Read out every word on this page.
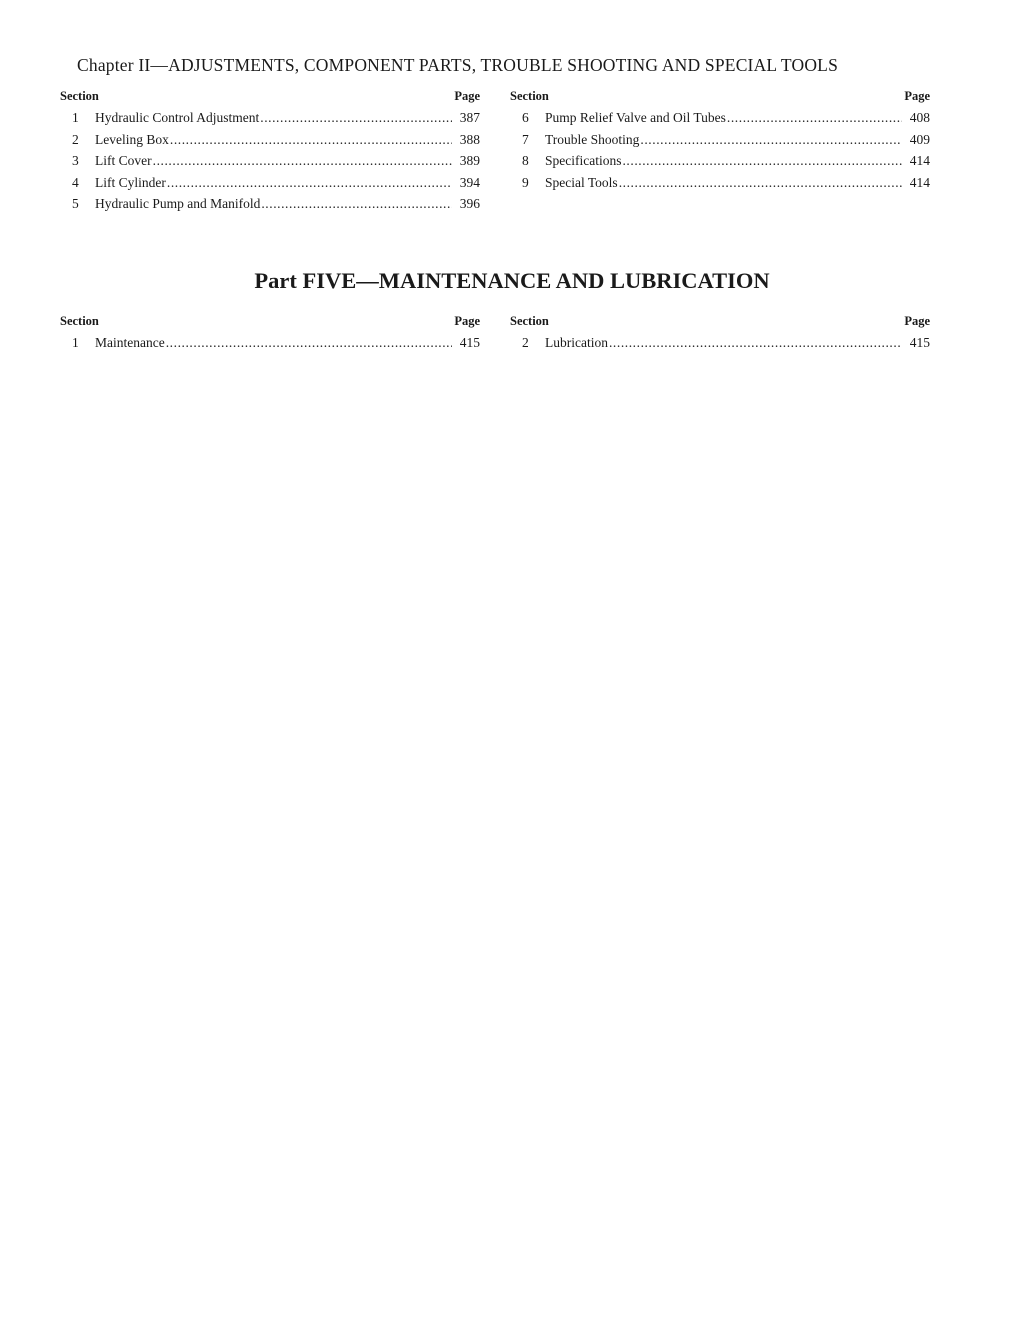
Chapter II—ADJUSTMENTS, COMPONENT PARTS, TROUBLE SHOOTING AND SPECIAL TOOLS
Section	Page
1	Hydraulic Control Adjustment . . .	387
2	Leveling Box . . .	388
3	Lift Cover . . .	389
4	Lift Cylinder . . .	394
5	Hydraulic Pump and Manifold . . .	396
Section	Page
6	Pump Relief Valve and Oil Tubes . . .	408
7	Trouble Shooting . . .	409
8	Specifications . . .	414
9	Special Tools . . .	414
Part FIVE—MAINTENANCE AND LUBRICATION
Section	Page
1	Maintenance . . .	415
Section	Page
2	Lubrication . . .	415
